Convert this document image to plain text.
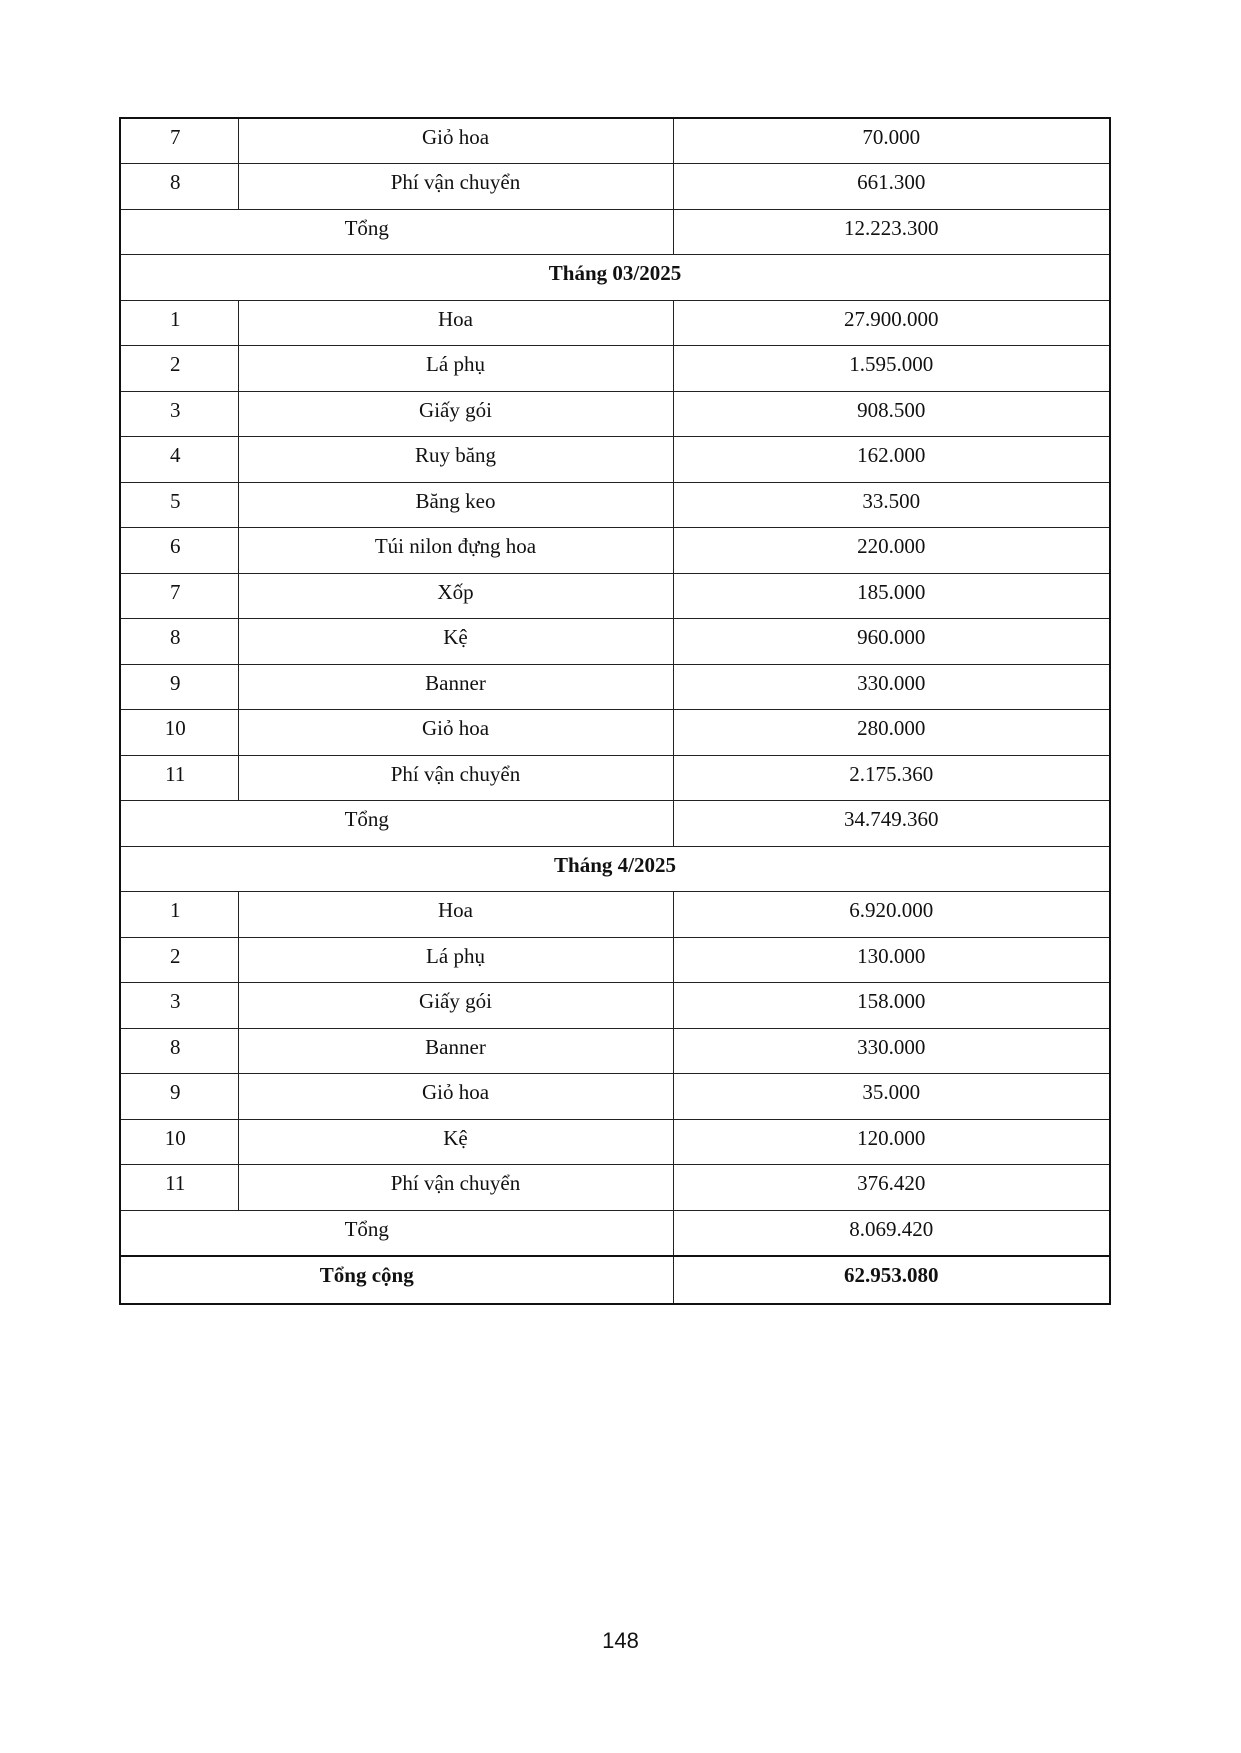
7	Giỏ hoa	70.000
8	Phí vận chuyển	661.300
Tổng		12.223.300
Tháng 03/2025		
1	Hoa	27.900.000
2	Lá phụ	1.595.000
3	Giấy gói	908.500
4	Ruy băng	162.000
5	Băng keo	33.500
6	Túi nilon đựng hoa	220.000
7	Xốp	185.000
8	Kệ	960.000
9	Banner	330.000
10	Giỏ hoa	280.000
11	Phí vận chuyển	2.175.360
Tổng		34.749.360
Tháng 4/2025		
1	Hoa	6.920.000
2	Lá phụ	130.000
3	Giấy gói	158.000
8	Banner	330.000
9	Giỏ hoa	35.000
10	Kệ	120.000
11	Phí vận chuyển	376.420
Tổng		8.069.420
Tổng cộng		62.953.080
148
